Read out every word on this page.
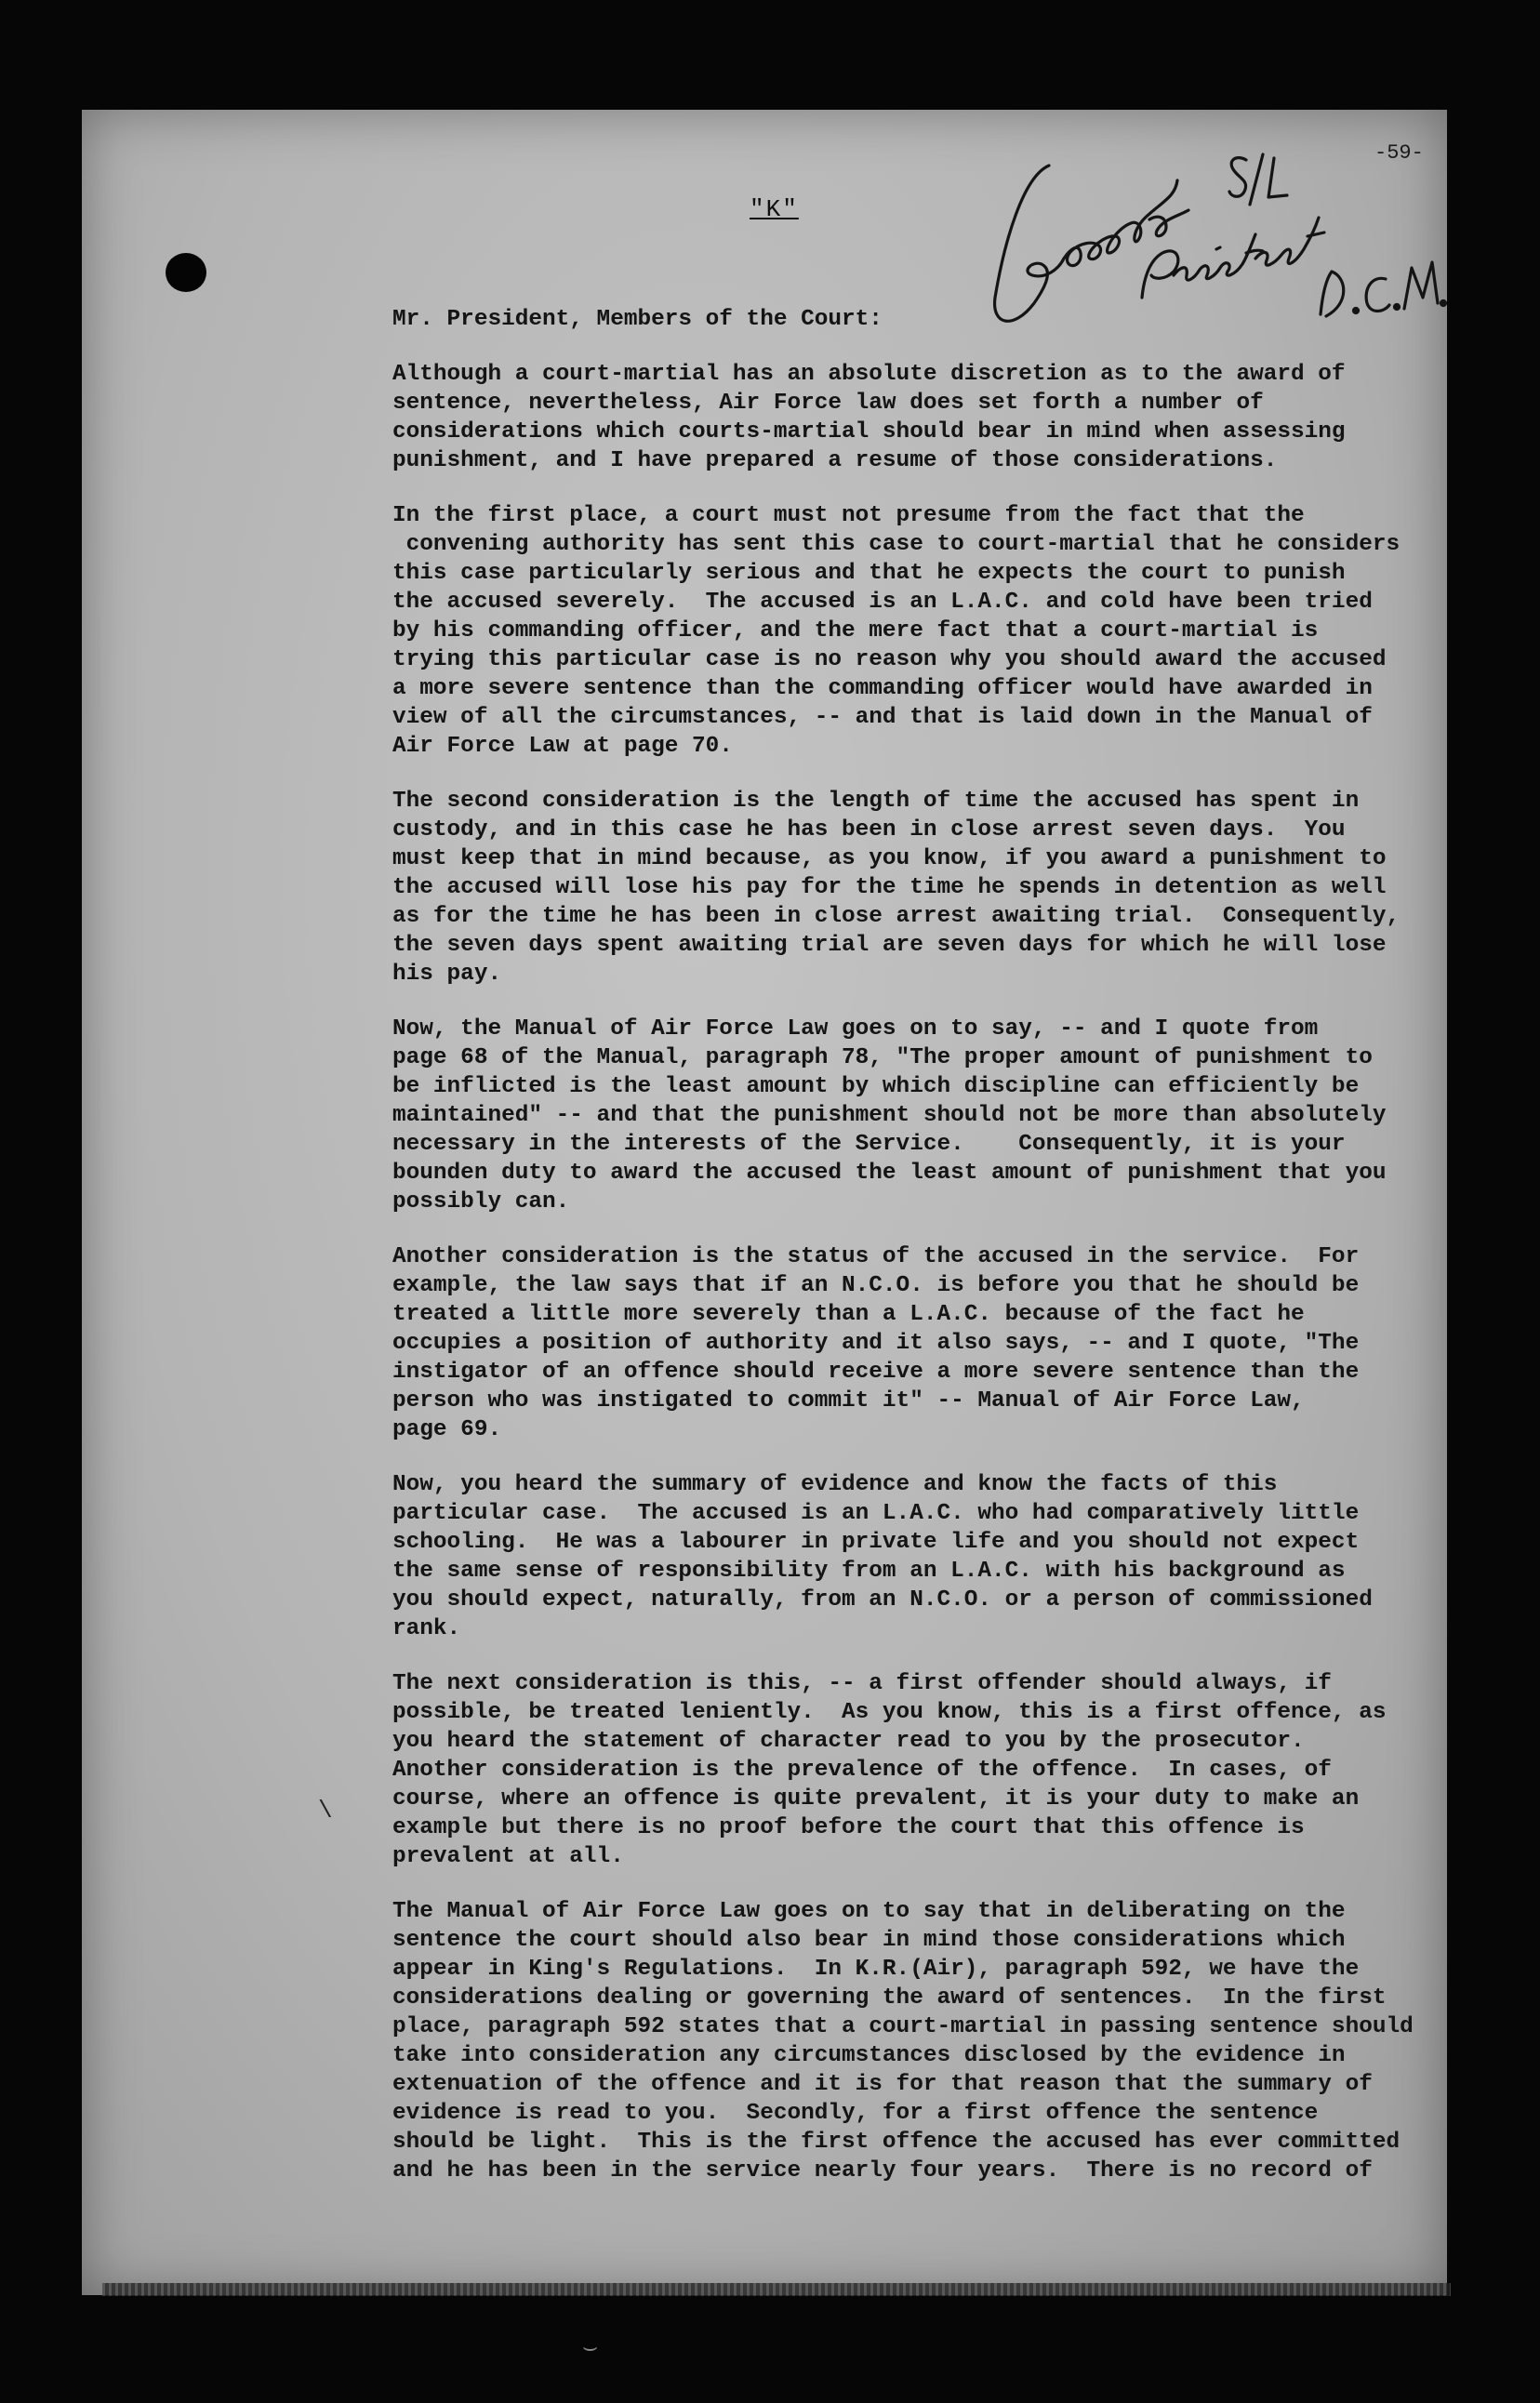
-59-
"K"
Mr. President, Members of the Court:
Although a court-martial has an absolute discretion as to the award of
sentence, nevertheless, Air Force law does set forth a number of
considerations which courts-martial should bear in mind when assessing
punishment, and I have prepared a resume of those considerations.
In the first place, a court must not presume from the fact that the
convening authority has sent this case to court-martial that he considers
this case particularly serious and that he expects the court to punish
the accused severely.  The accused is an L.A.C. and cold have been tried
by his commanding officer, and the mere fact that a court-martial is
trying this particular case is no reason why you should award the accused
a more severe sentence than the commanding officer would have awarded in
view of all the circumstances, -- and that is laid down in the Manual of
Air Force Law at page 70.
The second consideration is the length of time the accused has spent in
custody, and in this case he has been in close arrest seven days.  You
must keep that in mind because, as you know, if you award a punishment to
the accused will lose his pay for the time he spends in detention as well
as for the time he has been in close arrest awaiting trial.  Consequently,
the seven days spent awaiting trial are seven days for which he will lose
his pay.
Now, the Manual of Air Force Law goes on to say, -- and I quote from
page 68 of the Manual, paragraph 78, "The proper amount of punishment to
be inflicted is the least amount by which discipline can efficiently be
maintained" -- and that the punishment should not be more than absolutely
necessary in the interests of the Service.    Consequently, it is your
bounden duty to award the accused the least amount of punishment that you
possibly can.
Another consideration is the status of the accused in the service.  For
example, the law says that if an N.C.O. is before you that he should be
treated a little more severely than a L.A.C. because of the fact he
occupies a position of authority and it also says, -- and I quote, "The
instigator of an offence should receive a more severe sentence than the
person who was instigated to commit it" -- Manual of Air Force Law,
page 69.
Now, you heard the summary of evidence and know the facts of this
particular case.  The accused is an L.A.C. who had comparatively little
schooling.  He was a labourer in private life and you should not expect
the same sense of responsibility from an L.A.C. with his background as
you should expect, naturally, from an N.C.O. or a person of commissioned
rank.
The next consideration is this, -- a first offender should always, if
possible, be treated leniently.  As you know, this is a first offence, as
you heard the statement of character read to you by the prosecutor.
Another consideration is the prevalence of the offence.  In cases, of
course, where an offence is quite prevalent, it is your duty to make an
example but there is no proof before the court that this offence is
prevalent at all.
The Manual of Air Force Law goes on to say that in deliberating on the
sentence the court should also bear in mind those considerations which
appear in King's Regulations.  In K.R.(Air), paragraph 592, we have the
considerations dealing or governing the award of sentences.  In the first
place, paragraph 592 states that a court-martial in passing sentence should
take into consideration any circumstances disclosed by the evidence in
extenuation of the offence and it is for that reason that the summary of
evidence is read to you.  Secondly, for a first offence the sentence
should be light.  This is the first offence the accused has ever committed
and he has been in the service nearly four years.  There is no record of
\
⌣
